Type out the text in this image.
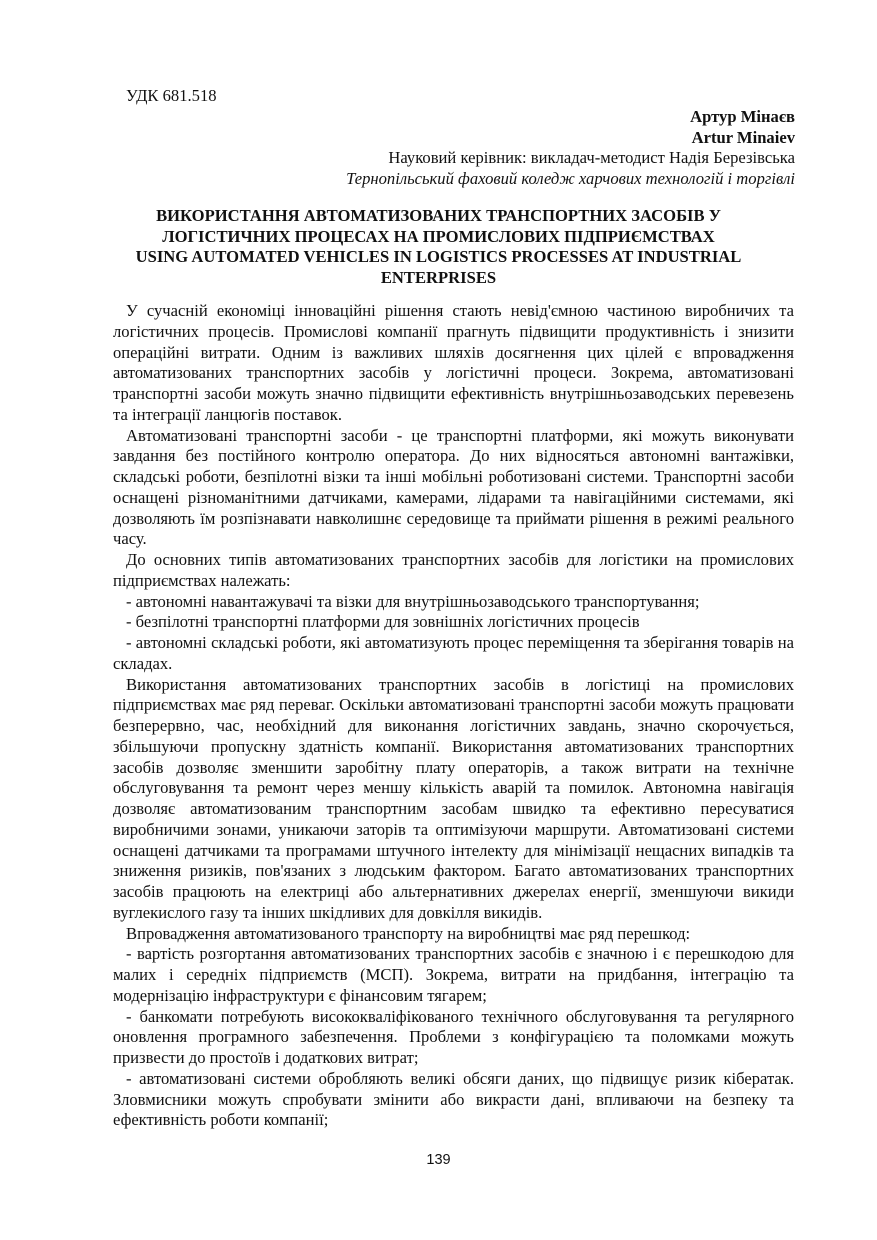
УДК 681.518
Артур Мінаєв
Artur Minaiev
Науковий керівник: викладач-методист Надія Березівська
Тернопільський фаховий коледж харчових технологій і торгівлі
ВИКОРИСТАННЯ АВТОМАТИЗОВАНИХ ТРАНСПОРТНИХ ЗАСОБІВ У
ЛОГІСТИЧНИХ ПРОЦЕСАХ НА ПРОМИСЛОВИХ ПІДПРИЄМСТВАХ
USING AUTOMATED VEHICLES IN LOGISTICS PROCESSES AT INDUSTRIAL
ENTERPRISES

У сучасній економіці інноваційні рішення стають невід'ємною частиною виробничих та логістичних процесів. Промислові компанії прагнуть підвищити продуктивність і знизити операційні витрати. Одним із важливих шляхів досягнення цих цілей є впровадження автоматизованих транспортних засобів у логістичні процеси. Зокрема, автоматизовані транспортні засоби можуть значно підвищити ефективність внутрішньозаводських перевезень та інтеграції ланцюгів поставок.

Автоматизовані транспортні засоби - це транспортні платформи, які можуть виконувати завдання без постійного контролю оператора. До них відносяться автономні вантажівки, складські роботи, безпілотні візки та інші мобільні роботизовані системи. Транспортні засоби оснащені різноманітними датчиками, камерами, лідарами та навігаційними системами, які дозволяють їм розпізнавати навколишнє середовище та приймати рішення в режимі реального часу.

До основних типів автоматизованих транспортних засобів для логістики на промислових підприємствах належать:

- автономні навантажувачі та візки для внутрішньозаводського транспортування;

- безпілотні транспортні платформи для зовнішніх логістичних процесів

- автономні складські роботи, які автоматизують процес переміщення та зберігання товарів на складах.

Використання автоматизованих транспортних засобів в логістиці на промислових підприємствах має ряд переваг. Оскільки автоматизовані транспортні засоби можуть працювати безперервно, час, необхідний для виконання логістичних завдань, значно скорочується, збільшуючи пропускну здатність компанії. Використання автоматизованих транспортних засобів дозволяє зменшити заробітну плату операторів, а також витрати на технічне обслуговування та ремонт через меншу кількість аварій та помилок. Автономна навігація дозволяє автоматизованим транспортним засобам швидко та ефективно пересуватися виробничими зонами, уникаючи заторів та оптимізуючи маршрути. Автоматизовані системи оснащені датчиками та програмами штучного інтелекту для мінімізації нещасних випадків та зниження ризиків, пов'язаних з людським фактором. Багато автоматизованих транспортних засобів працюють на електриці або альтернативних джерелах енергії, зменшуючи викиди вуглекислого газу та інших шкідливих для довкілля викидів.

Впровадження автоматизованого транспорту на виробництві має ряд перешкод:

- вартість розгортання автоматизованих транспортних засобів є значною і є перешкодою для малих і середніх підприємств (МСП). Зокрема, витрати на придбання, інтеграцію та модернізацію інфраструктури є фінансовим тягарем;

- банкомати потребують висококваліфікованого технічного обслуговування та регулярного оновлення програмного забезпечення. Проблеми з конфігурацією та поломками можуть призвести до простоїв і додаткових витрат;

- автоматизовані системи обробляють великі обсяги даних, що підвищує ризик кібератак. Зловмисники можуть спробувати змінити або викрасти дані, впливаючи на безпеку та ефективність роботи компанії;

139
